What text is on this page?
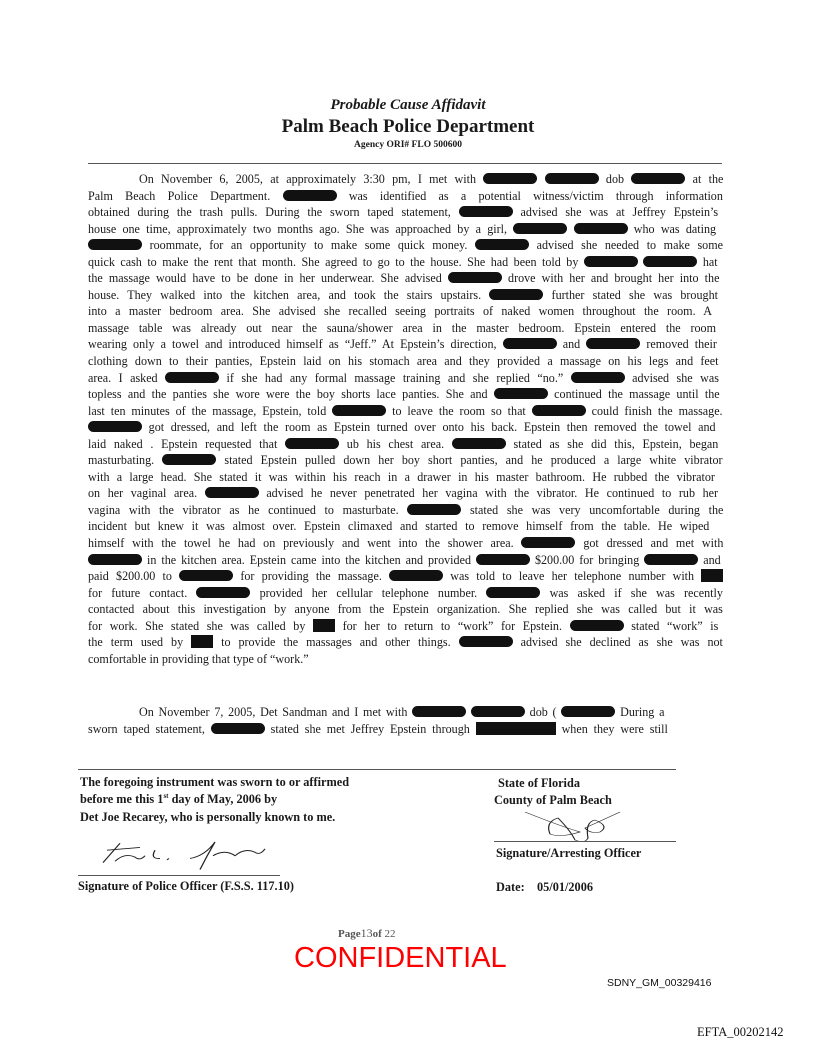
Probable Cause Affidavit
Palm Beach Police Department
Agency ORI# FLO 500600
On November 6, 2005, at approximately 3:30 pm, I met with	dob	at the
Palm Beach Police Department.	was identified as a potential witness/victim through information
obtained during the trash pulls. During the sworn taped statement,	advised she was at Jeffrey Epstein’s
house one time, approximately two months ago. She was approached by a girl,	who was dating
roommate, for an opportunity to make some quick money.	advised she needed to make some
quick cash to make the rent that month. She agreed to go to the house. She had been told by	hat
the massage would have to be done in her underwear. She advised	drove with her and brought her into the
house. They walked into the kitchen area, and took the stairs upstairs.	further stated she was brought
into a master bedroom area. She advised she recalled seeing portraits of naked women throughout the room. A
massage table was already out near the sauna/shower area in the master bedroom. Epstein entered the room
wearing only a towel and introduced himself as “Jeff.” At Epstein’s direction,	and	removed their
clothing down to their panties, Epstein laid on his stomach area and they provided a massage on his legs and feet
area. I asked	if she had any formal massage training and she replied “no.”	advised she was
topless and the panties she wore were the boy shorts lace panties. She and	continued the massage until the
last ten minutes of the massage, Epstein, told	to leave the room so that	could finish the massage.
got dressed, and left the room as Epstein turned over onto his back. Epstein then removed the towel and
laid naked . Epstein requested that	ub his chest area.	stated as she did this, Epstein, began
masturbating.	stated Epstein pulled down her boy short panties, and he produced a large white vibrator
with a large head. She stated it was within his reach in a drawer in his master bathroom. He rubbed the vibrator
on her vaginal area.	advised he never penetrated her vagina with the vibrator. He continued to rub her
vagina with the vibrator as he continued to masturbate.	stated she was very uncomfortable during the
incident but knew it was almost over. Epstein climaxed and started to remove himself from the table. He wiped
himself with the towel he had on previously and went into the shower area.	got dressed and met with
in the kitchen area. Epstein came into the kitchen and provided	$200.00 for bringing	and
paid $200.00 to	for providing the massage.	was told to leave her telephone number with
for future contact.	provided her cellular telephone number.	was asked if she was recently
contacted about this investigation by anyone from the Epstein organization. She replied she was called but it was
for work. She stated she was called by	for her to return to “work” for Epstein.	stated “work” is
the term used by	to provide the massages and other things.	advised she declined as she was not
comfortable in providing that type of “work.”
On November 7, 2005, Det Sandman and I met with	dob (	During a
sworn taped statement,	stated she met Jeffrey Epstein through	when they were still
The foregoing instrument was sworn to or affirmed
before me this 1st day of May, 2006 by
Det Joe Recarey, who is personally known to me.
Signature of Police Officer (F.S.S. 117.10)
State of Florida
County of Palm Beach
Signature/Arresting Officer
Date: 05/01/2006
Page13of 22
CONFIDENTIAL
SDNY_GM_00329416
EFTA_00202142
